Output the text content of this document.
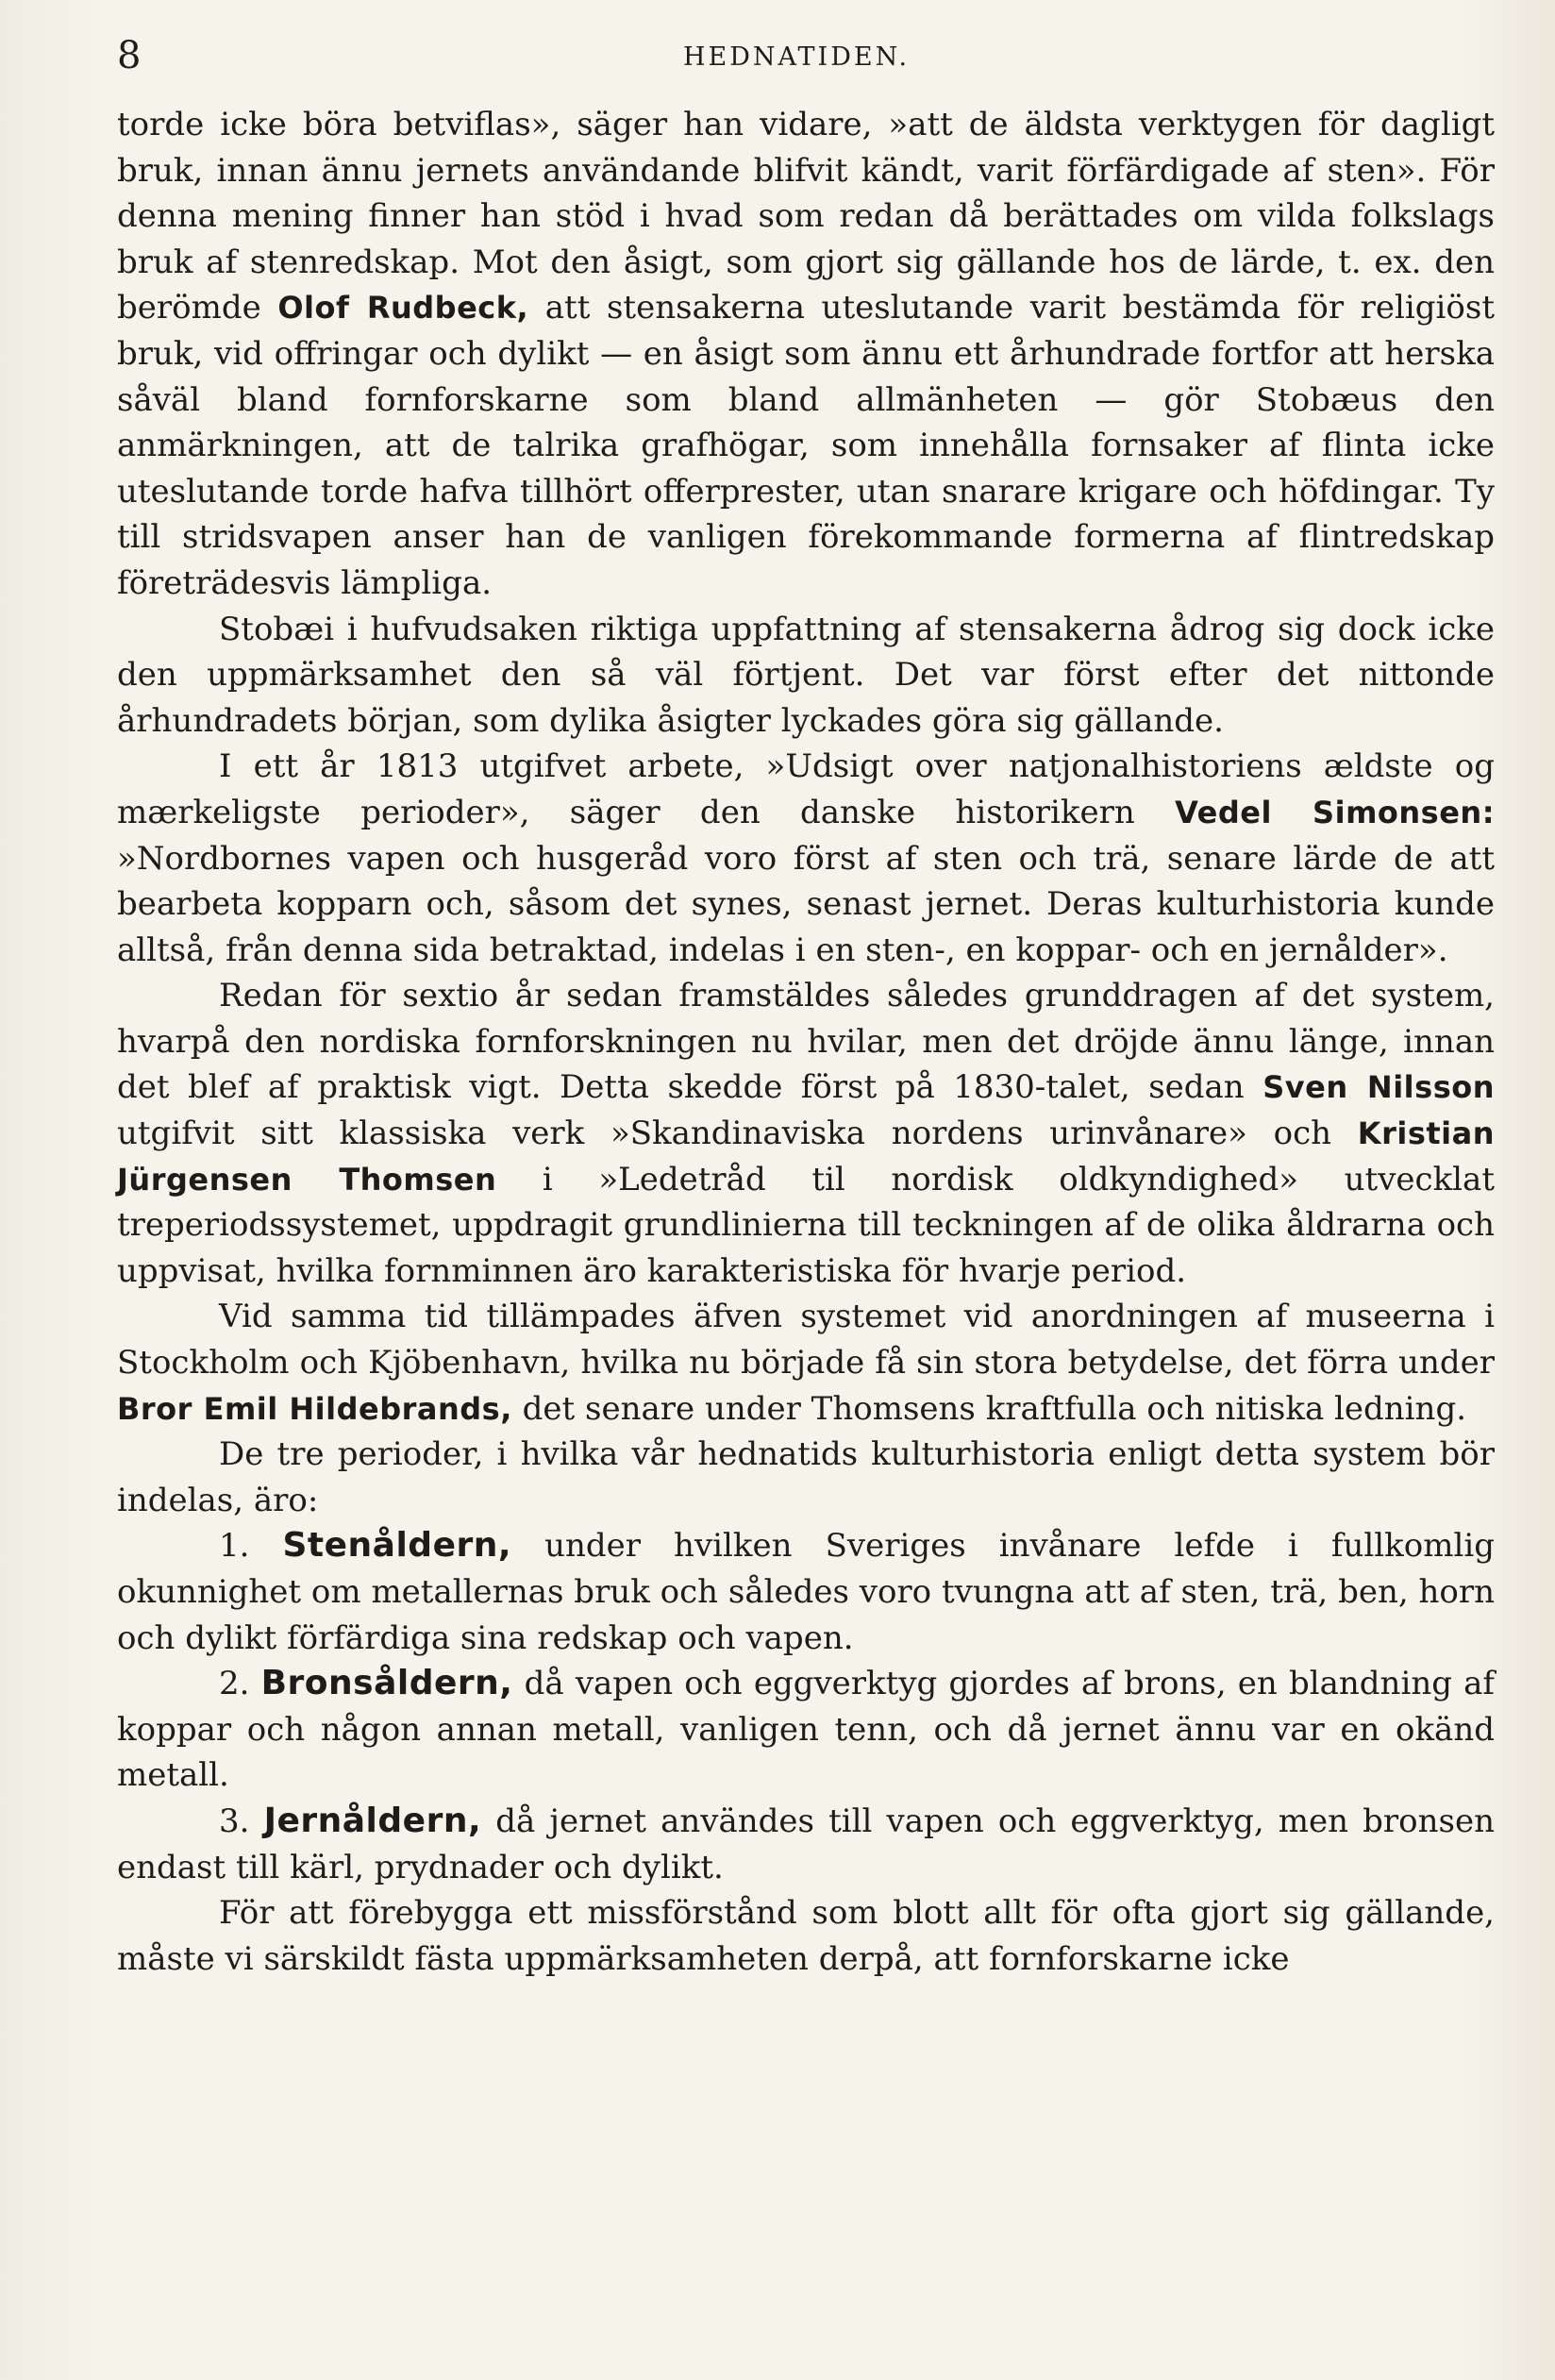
8	HEDNATIDEN.

torde icke böra betviflas», säger han vidare, »att de äldsta verktygen för dagligt bruk, innan ännu jernets användande blifvit kändt, varit förfärdigade af sten». För denna mening finner han stöd i hvad som redan då berättades om vilda folkslags bruk af stenredskap. Mot den åsigt, som gjort sig gällande hos de lärde, t. ex. den berömde Olof Rudbeck, att stensakerna uteslutande varit bestämda för religiöst bruk, vid offringar och dylikt — en åsigt som ännu ett århundrade fortfor att herska såväl bland fornforskarne som bland allmänheten — gör Stobæus den anmärkningen, att de talrika grafhögar, som innehålla fornsaker af flinta icke uteslutande torde hafva tillhört offerprester, utan snarare krigare och höfdingar. Ty till stridsvapen anser han de vanligen förekommande formerna af flintredskap företrädesvis lämpliga.

Stobæi i hufvudsaken riktiga uppfattning af stensakerna ådrog sig dock icke den uppmärksamhet den så väl förtjent. Det var först efter det nittonde århundradets början, som dylika åsigter lyckades göra sig gällande.

I ett år 1813 utgifvet arbete, »Udsigt over natjonalhistoriens ældste og mærkeligste perioder», säger den danske historikern Vedel Simonsen: »Nordbornes vapen och husgeråd voro först af sten och trä, senare lärde de att bearbeta kopparn och, såsom det synes, senast jernet. Deras kulturhistoria kunde alltså, från denna sida betraktad, indelas i en sten-, en koppar- och en jernålder».

Redan för sextio år sedan framstäldes således grunddragen af det system, hvarpå den nordiska fornforskningen nu hvilar, men det dröjde ännu länge, innan det blef af praktisk vigt. Detta skedde först på 1830-talet, sedan Sven Nilsson utgifvit sitt klassiska verk »Skandinaviska nordens urinvånare» och Kristian Jürgensen Thomsen i »Ledetråd til nordisk oldkyndighed» utvecklat treperiodssystemet, uppdragit grundlinierna till teckningen af de olika åldrarna och uppvisat, hvilka fornminnen äro karakteristiska för hvarje period.

Vid samma tid tillämpades äfven systemet vid anordningen af museerna i Stockholm och Kjöbenhavn, hvilka nu började få sin stora betydelse, det förra under Bror Emil Hildebrands, det senare under Thomsens kraftfulla och nitiska ledning.

De tre perioder, i hvilka vår hednatids kulturhistoria enligt detta system bör indelas, äro:

1. Stenåldern, under hvilken Sveriges invånare lefde i fullkomlig okunnighet om metallernas bruk och således voro tvungna att af sten, trä, ben, horn och dylikt förfärdiga sina redskap och vapen.

2. Bronsåldern, då vapen och eggverktyg gjordes af brons, en blandning af koppar och någon annan metall, vanligen tenn, och då jernet ännu var en okänd metall.

3. Jernåldern, då jernet användes till vapen och eggverktyg, men bronsen endast till kärl, prydnader och dylikt.

För att förebygga ett missförstånd som blott allt för ofta gjort sig gällande, måste vi särskildt fästa uppmärksamheten derpå, att fornforskarne icke
